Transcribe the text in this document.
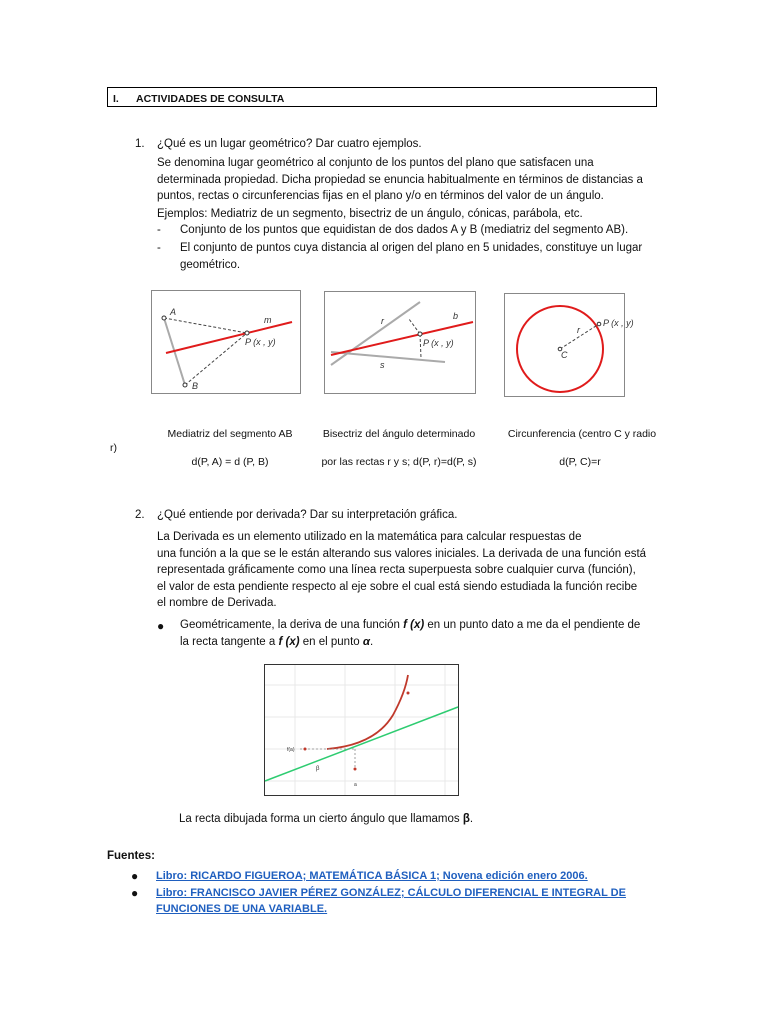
I. ACTIVIDADES DE CONSULTA
1. ¿Qué es un lugar geométrico? Dar cuatro ejemplos.
Se denomina lugar geométrico al conjunto de los puntos del plano que satisfacen una
determinada propiedad. Dicha propiedad se enuncia habitualmente en términos de distancias a
puntos, rectas o circunferencias fijas en el plano y/o en términos del valor de un ángulo.
Ejemplos: Mediatriz de un segmento, bisectriz de un ángulo, cónicas, parábola, etc.
- Conjunto de los puntos que equidistan de dos dados A y B (mediatriz del segmento AB).
- El conjunto de puntos cuya distancia al origen del plano en 5 unidades, constituye un lugar
geométrico.
A
B
m
P (x , y)
r	b
s
P (x , y)
P (x , y)
r
C
Mediatriz del segmento AB	Bisectriz del ángulo determinado	Circunferencia (centro C y radio
r)
d(P, A) = d (P, B)	por las rectas r y s; d(P, r)=d(P, s)	d(P, C)=r
2. ¿Qué entiende por derivada? Dar su interpretación gráfica.
La Derivada es un elemento utilizado en la matemática para calcular respuestas de
una función a la que se le están alterando sus valores iniciales. La derivada de una función está
representada gráficamente como una línea recta superpuesta sobre cualquier curva (función),
el valor de esta pendiente respecto al eje sobre el cual está siendo estudiada la función recibe
el nombre de Derivada.
● Geométricamente, la deriva de una función f (x) en un punto dato a me da el pendiente de
la recta tangente a f (x) en el punto α.
f(a)
β
a
La recta dibujada forma un cierto ángulo que llamamos β.
Fuentes:
● Libro: RICARDO FIGUEROA; MATEMÁTICA BÁSICA 1; Novena edición enero 2006.
● Libro: FRANCISCO JAVIER PÉREZ GONZÁLEZ; CÁLCULO DIFERENCIAL E INTEGRAL DE
FUNCIONES DE UNA VARIABLE.
